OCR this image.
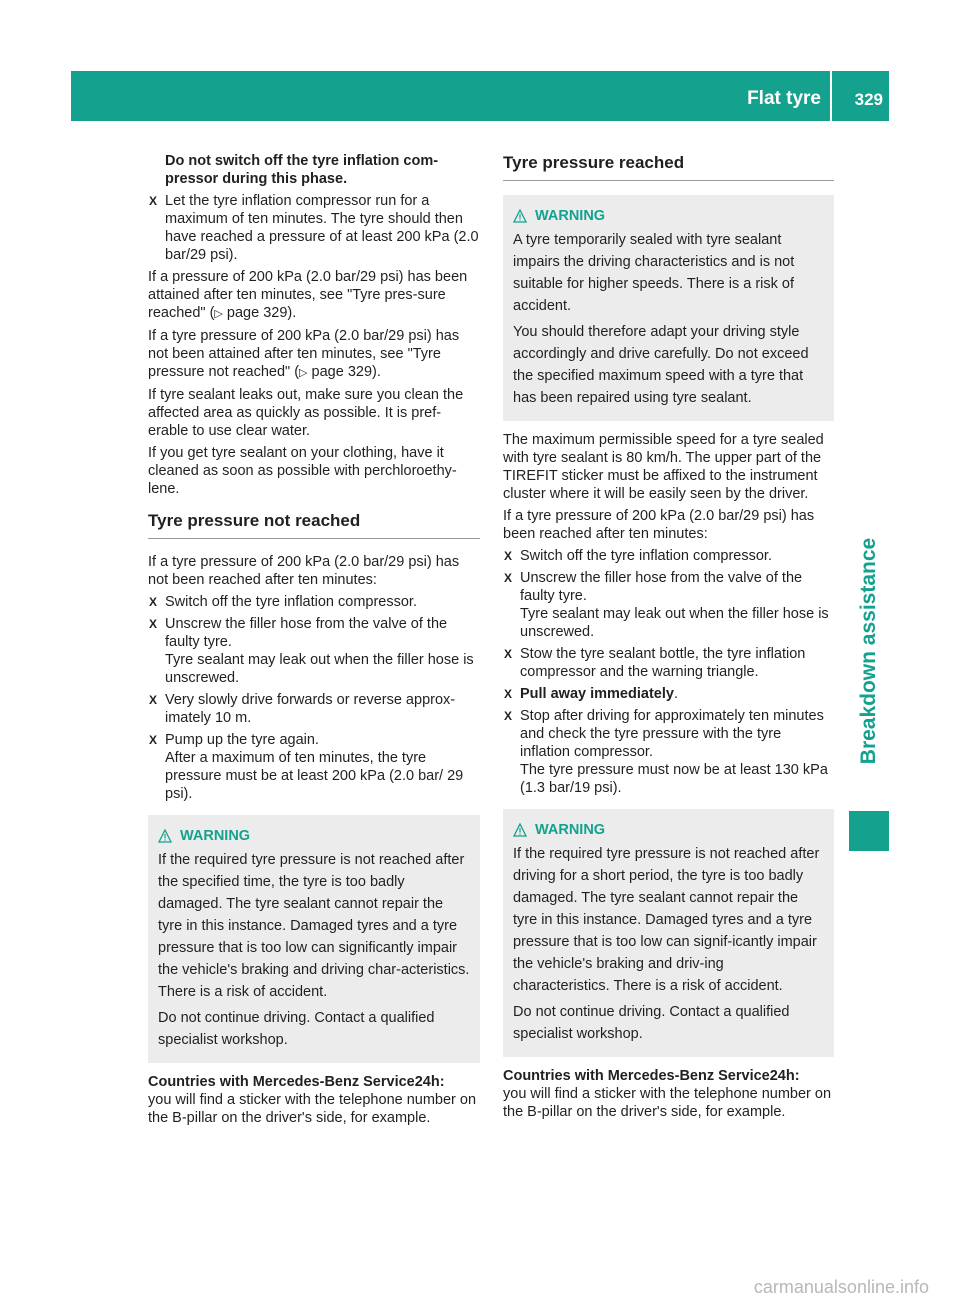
Flat tyre 329
Breakdown assistance

Do not switch off the tyre inflation com-
pressor during this phase.

X Let the tyre inflation compressor run for a maximum of ten minutes. The tyre should then have reached a pressure of at least 200 kPa (2.0 bar/29 psi).

If a pressure of 200 kPa (2.0 bar/29 psi) has been attained after ten minutes, see "Tyre pres-sure reached" (▷ page 329).

If a tyre pressure of 200 kPa (2.0 bar/29 psi) has not been attained after ten minutes, see "Tyre pressure not reached" (▷ page 329).

If tyre sealant leaks out, make sure you clean the affected area as quickly as possible. It is pref-erable to use clear water.

If you get tyre sealant on your clothing, have it cleaned as soon as possible with perchloroethy-lene.

Tyre pressure not reached

If a tyre pressure of 200 kPa (2.0 bar/29 psi) has not been reached after ten minutes:

X Switch off the tyre inflation compressor.
X Unscrew the filler hose from the valve of the faulty tyre.
Tyre sealant may leak out when the filler hose is unscrewed.
X Very slowly drive forwards or reverse approx-imately 10 m.
X Pump up the tyre again.
After a maximum of ten minutes, the tyre pressure must be at least 200 kPa (2.0 bar/ 29 psi).
WARNING

If the required tyre pressure is not reached after the specified time, the tyre is too badly damaged. The tyre sealant cannot repair the tyre in this instance. Damaged tyres and a tyre pressure that is too low can significantly impair the vehicle's braking and driving char-acteristics. There is a risk of accident.

Do not continue driving. Contact a qualified specialist workshop.

Countries with Mercedes-Benz Service24h:

you will find a sticker with the telephone number on the B-pillar on the driver's side, for example.

Tyre pressure reached
WARNING

A tyre temporarily sealed with tyre sealant impairs the driving characteristics and is not suitable for higher speeds. There is a risk of accident.

You should therefore adapt your driving style accordingly and drive carefully. Do not exceed the specified maximum speed with a tyre that has been repaired using tyre sealant.

The maximum permissible speed for a tyre sealed with tyre sealant is 80 km/h. The upper part of the TIREFIT sticker must be affixed to the instrument cluster where it will be easily seen by the driver.

If a tyre pressure of 200 kPa (2.0 bar/29 psi) has been reached after ten minutes:

X Switch off the tyre inflation compressor.
X Unscrew the filler hose from the valve of the faulty tyre.
Tyre sealant may leak out when the filler hose is unscrewed.
X Stow the tyre sealant bottle, the tyre inflation compressor and the warning triangle.
X Pull away immediately.
X Stop after driving for approximately ten minutes and check the tyre pressure with the tyre inflation compressor.
The tyre pressure must now be at least 130 kPa (1.3 bar/19 psi).
WARNING

If the required tyre pressure is not reached after driving for a short period, the tyre is too badly damaged. The tyre sealant cannot repair the tyre in this instance. Damaged tyres and a tyre pressure that is too low can signif-icantly impair the vehicle's braking and driv-ing characteristics. There is a risk of accident.

Do not continue driving. Contact a qualified specialist workshop.

Countries with Mercedes-Benz Service24h:

you will find a sticker with the telephone number on the B-pillar on the driver's side, for example.

carmanualsonline.info
